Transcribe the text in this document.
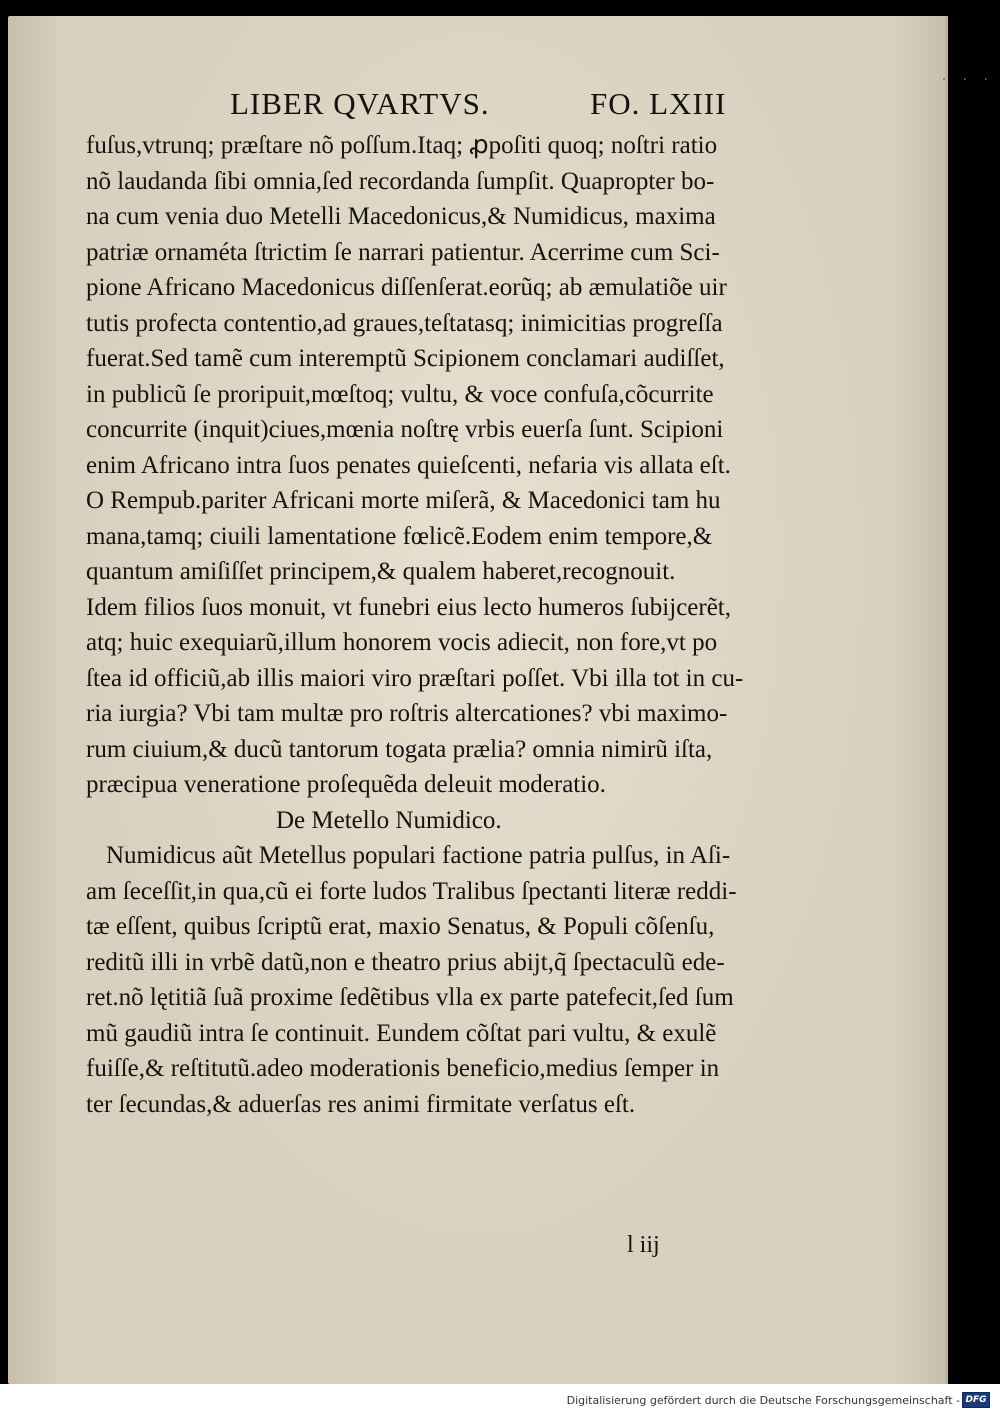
LIBER QVARTVS.	FO. LXIII
fuſus,vtrunq; præſtare nõ poſſum.Itaq; ꝓpoſiti quoq; noſtri ratio
nõ laudanda ſibi omnia,ſed recordanda ſumpſit. Quapropter bo-
na cum venia duo Metelli Macedonicus,& Numidicus, maxima
patriæ ornaméta ſtrictim ſe narrari patientur. Acerrime cum Sci-
pione Africano Macedonicus diſſenſerat.eorũq; ab æmulatiõe uir
tutis profecta contentio,ad graues,teſtatasq; inimicitias progreſſa
fuerat.Sed tamẽ cum interemptũ Scipionem conclamari audiſſet,
in publicũ ſe proripuit,mœſtoq; vultu, & voce confuſa,cõcurrite
concurrite (inquit)ciues,mœnia noſtrę vrbis euerſa ſunt. Scipioni
enim Africano intra ſuos penates quieſcenti, nefaria vis allata eſt.
O Rempub.pariter Africani morte miſerã, & Macedonici tam hu
mana,tamq; ciuili lamentatione fœlicẽ.Eodem enim tempore,&
quantum amiſiſſet principem,& qualem haberet,recognouit.
Idem filios ſuos monuit, vt funebri eius lecto humeros ſubijcerẽt,
atq; huic exequiarũ,illum honorem vocis adiecit, non fore,vt po
ſtea id officiũ,ab illis maiori viro præſtari poſſet. Vbi illa tot in cu-
ria iurgia? Vbi tam multæ pro roſtris altercationes? vbi maximo-
rum ciuium,& ducũ tantorum togata prælia? omnia nimirũ iſta,
præcipua veneratione proſequẽda deleuit moderatio.
De Metello Numidico.
Numidicus aũt Metellus populari factione patria pulſus, in Aſi-
am ſeceſſit,in qua,cũ ei forte ludos Tralibus ſpectanti literæ reddi-
tæ eſſent, quibus ſcriptũ erat, maxio Senatus, & Populi cõſenſu,
reditũ illi in vrbẽ datũ,non e theatro prius abijt,q̃ ſpectaculũ ede-
ret.nõ lętitiã ſuã proxime ſedẽtibus vlla ex parte patefecit,ſed ſum
mũ gaudiũ intra ſe continuit. Eundem cõſtat pari vultu, & exulẽ
fuiſſe,& reſtitutũ.adeo moderationis beneficio,medius ſemper in
ter ſecundas,& aduerſas res animi firmitate verſatus eſt.
l iij
· · ·
Digitalisierung gefördert durch die Deutsche Forschungsgemeinschaft - DFG
